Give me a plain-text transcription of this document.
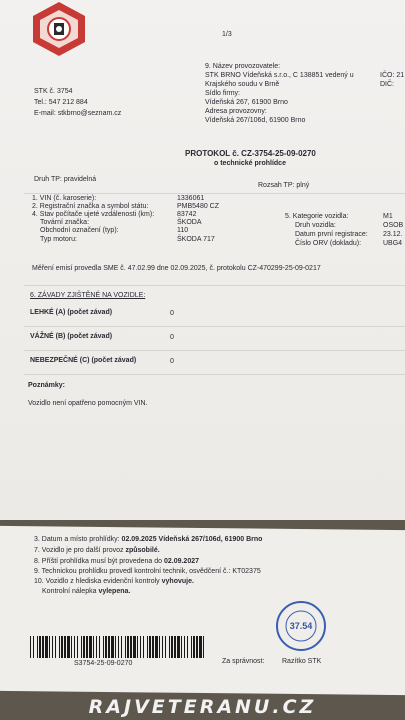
1/3
STK č. 3754
Tel.: 547 212 884
E-mail: stkbrno@seznam.cz
9. Název provozovatele:
STK BRNO Vídeňská s.r.o., C 138851 vedený u
Krajského soudu v Brně
Sídlo firmy:
Vídeňská 267, 61900 Brno
Adresa provozovny:
Vídeňská 267/106d, 61900 Brno
IČO: 21
DIČ:
PROTOKOL č. CZ-3754-25-09-0270
o technické prohlídce
Druh TP: pravidelná
Rozsah TP: plný
1. VIN (č. karoserie):	1336061
2. Registrační značka a symbol státu:	PMB5480 CZ
4. Stav počítače ujeté vzdálenosti (km):	83742
Tovární značka:	ŠKODA
Obchodní označení (typ):	110
Typ motoru:	ŠKODA 717
5. Kategorie vozidla:	M1
Druh vozidla:	OSOB
Datum první registrace: 23.12.
Číslo ORV (dokladu):	UBG4
Měření emisí provedla SME č. 47.02.99 dne 02.09.2025, č. protokolu CZ-470299-25-09-0217
6. ZÁVADY ZJIŠTĚNÉ NA VOZIDLE:
LEHKÉ (A) (počet závad)	0
VÁŽNÉ (B) (počet závad)	0
NEBEZPEČNÉ (C) (počet závad)	0
Poznámky:
Vozidlo není opatřeno pomocným VIN.
3. Datum a místo prohlídky: 02.09.2025 Vídeňská 267/106d, 61900 Brno
7. Vozidlo je pro další provoz způsobilé.
8. Příští prohlídka musí být provedena do 02.09.2027
9. Technickou prohlídku provedl kontrolní technik, osvědčení č.: KT02375
10. Vozidlo z hlediska evidenční kontroly vyhovuje.
Kontrolní nálepka vylepena.
37.54
S3754-25-09-0270	Za správnost:	Razítko STK
RAJVETERANU.CZ
